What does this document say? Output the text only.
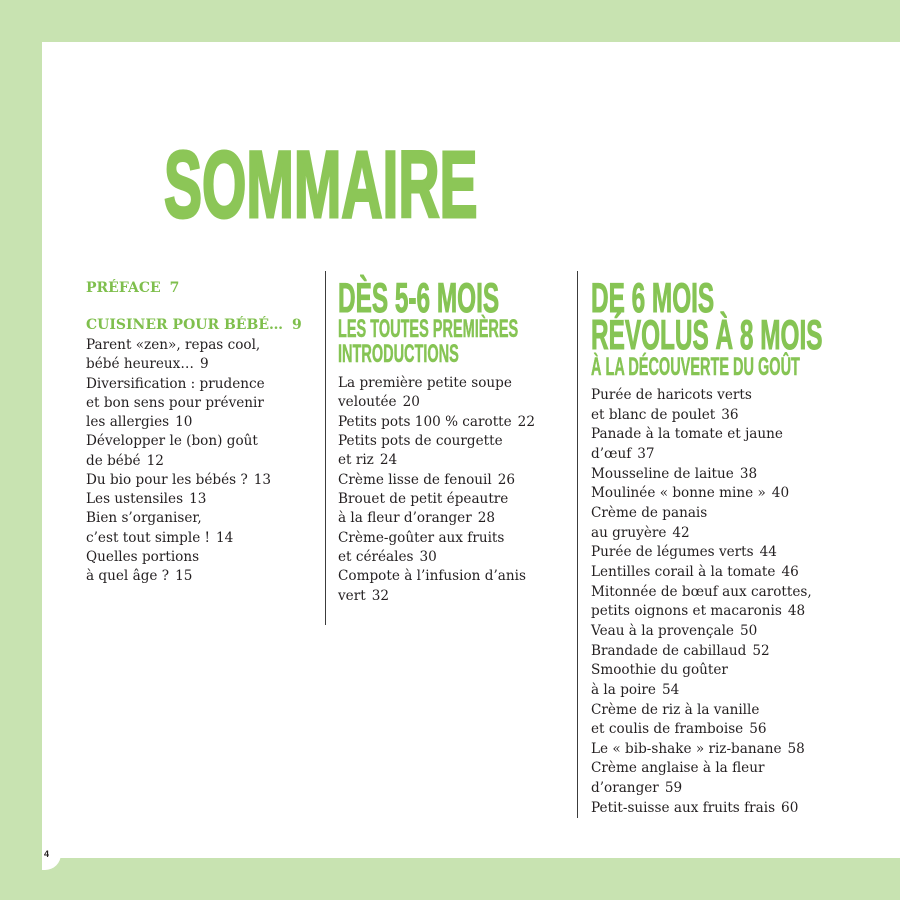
4
SOMMAIRE
PRÉFACE 7
CUISINER POUR BÉBÉ… 9
Parent «zen», repas cool,
bébé heureux… 9
Diversification : prudence
et bon sens pour prévenir
les allergies 10
Développer le (bon) goût
de bébé 12
Du bio pour les bébés ? 13
Les ustensiles 13
Bien s’organiser,
c’est tout simple ! 14
Quelles portions
à quel âge ? 15
DÈS 5-6 MOIS
LES TOUTES PREMIÈRES
INTRODUCTIONS
La première petite soupe
veloutée 20
Petits pots 100 % carotte 22
Petits pots de courgette
et riz 24
Crème lisse de fenouil 26
Brouet de petit épeautre
à la fleur d’oranger 28
Crème-goûter aux fruits
et céréales 30
Compote à l’infusion d’anis
vert 32
DE 6 MOIS
RÉVOLUS À 8 MOIS
À LA DÉCOUVERTE DU GOÛT
Purée de haricots verts
et blanc de poulet 36
Panade à la tomate et jaune
d’œuf 37
Mousseline de laitue 38
Moulinée « bonne mine » 40
Crème de panais
au gruyère 42
Purée de légumes verts 44
Lentilles corail à la tomate 46
Mitonnée de bœuf aux carottes,
petits oignons et macaronis 48
Veau à la provençale 50
Brandade de cabillaud 52
Smoothie du goûter
à la poire 54
Crème de riz à la vanille
et coulis de framboise 56
Le « bib-shake » riz-banane 58
Crème anglaise à la fleur
d’oranger 59
Petit-suisse aux fruits frais 60
